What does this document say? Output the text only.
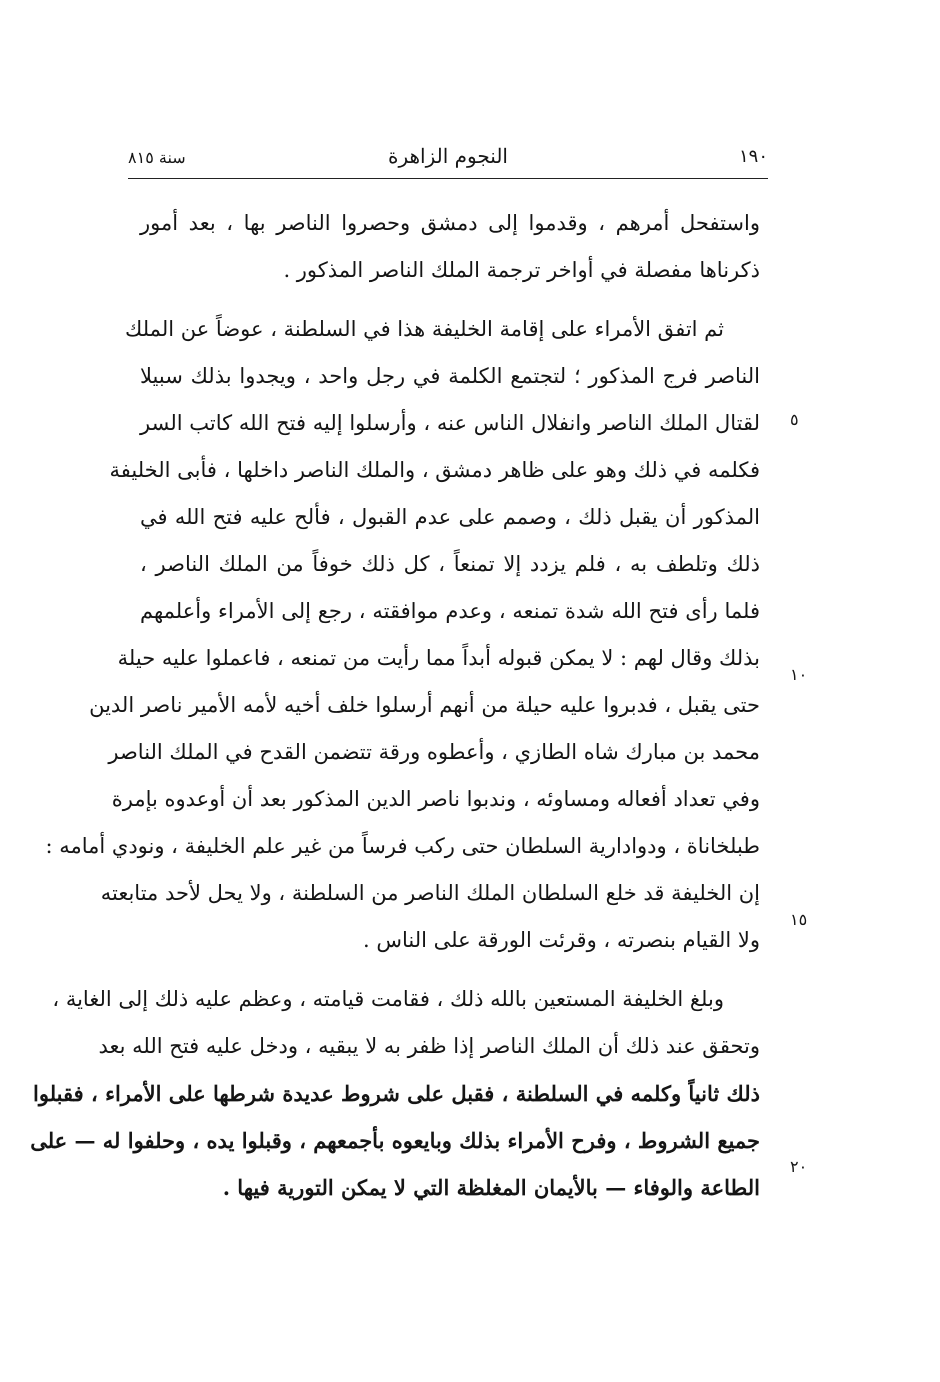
١٩٠
النجوم الزاهرة
سنة ٨١٥
واستفحل أمرهم ، وقدموا إلى دمشق وحصروا الناصر بها ، بعد أمور
ذكرناها مفصلة في أواخر ترجمة الملك الناصر المذكور .
ثم اتفق الأمراء على إقامة الخليفة هذا في السلطنة ، عوضاً عن الملك
الناصر فرج المذكور ؛ لتجتمع الكلمة في رجل واحد ، ويجدوا بذلك سبيلا
لقتال الملك الناصر وانفلال الناس عنه ، وأرسلوا إليه فتح الله كاتب السر
فكلمه في ذلك وهو على ظاهر دمشق ، والملك الناصر داخلها ، فأبى الخليفة
المذكور أن يقبل ذلك ، وصمم على عدم القبول ، فألح عليه فتح الله في
ذلك وتلطف به ، فلم يزدد إلا تمنعاً ، كل ذلك خوفاً من الملك الناصر ،
فلما رأى فتح الله شدة تمنعه ، وعدم موافقته ، رجع إلى الأمراء وأعلمهم
بذلك وقال لهم : لا يمكن قبوله أبداً مما رأيت من تمنعه ، فاعملوا عليه حيلة
حتى يقبل ، فدبروا عليه حيلة من أنهم أرسلوا خلف أخيه لأمه الأمير ناصر الدين
محمد بن مبارك شاه الطازي ، وأعطوه ورقة تتضمن القدح في الملك الناصر
وفي تعداد أفعاله ومساوئه ، وندبوا ناصر الدين المذكور بعد أن أوعدوه بإمرة
طبلخاناة ، ودوادارية السلطان حتى ركب فرساً من غير علم الخليفة ، ونودي أمامه :
إن الخليفة قد خلع السلطان الملك الناصر من السلطنة ، ولا يحل لأحد متابعته
ولا القيام بنصرته ، وقرئت الورقة على الناس .
وبلغ الخليفة المستعين بالله ذلك ، فقامت قيامته ، وعظم عليه ذلك إلى الغاية ،
وتحقق عند ذلك أن الملك الناصر إذا ظفر به لا يبقيه ، ودخل عليه فتح الله بعد
ذلك ثانياً وكلمه في السلطنة ، فقبل على شروط عديدة شرطها على الأمراء ، فقبلوا
جميع الشروط ، وفرح الأمراء بذلك وبايعوه بأجمعهم ، وقبلوا يده ، وحلفوا له — على
الطاعة والوفاء — بالأيمان المغلظة التي لا يمكن التورية فيها .
٥
١٠
١٥
٢٠
